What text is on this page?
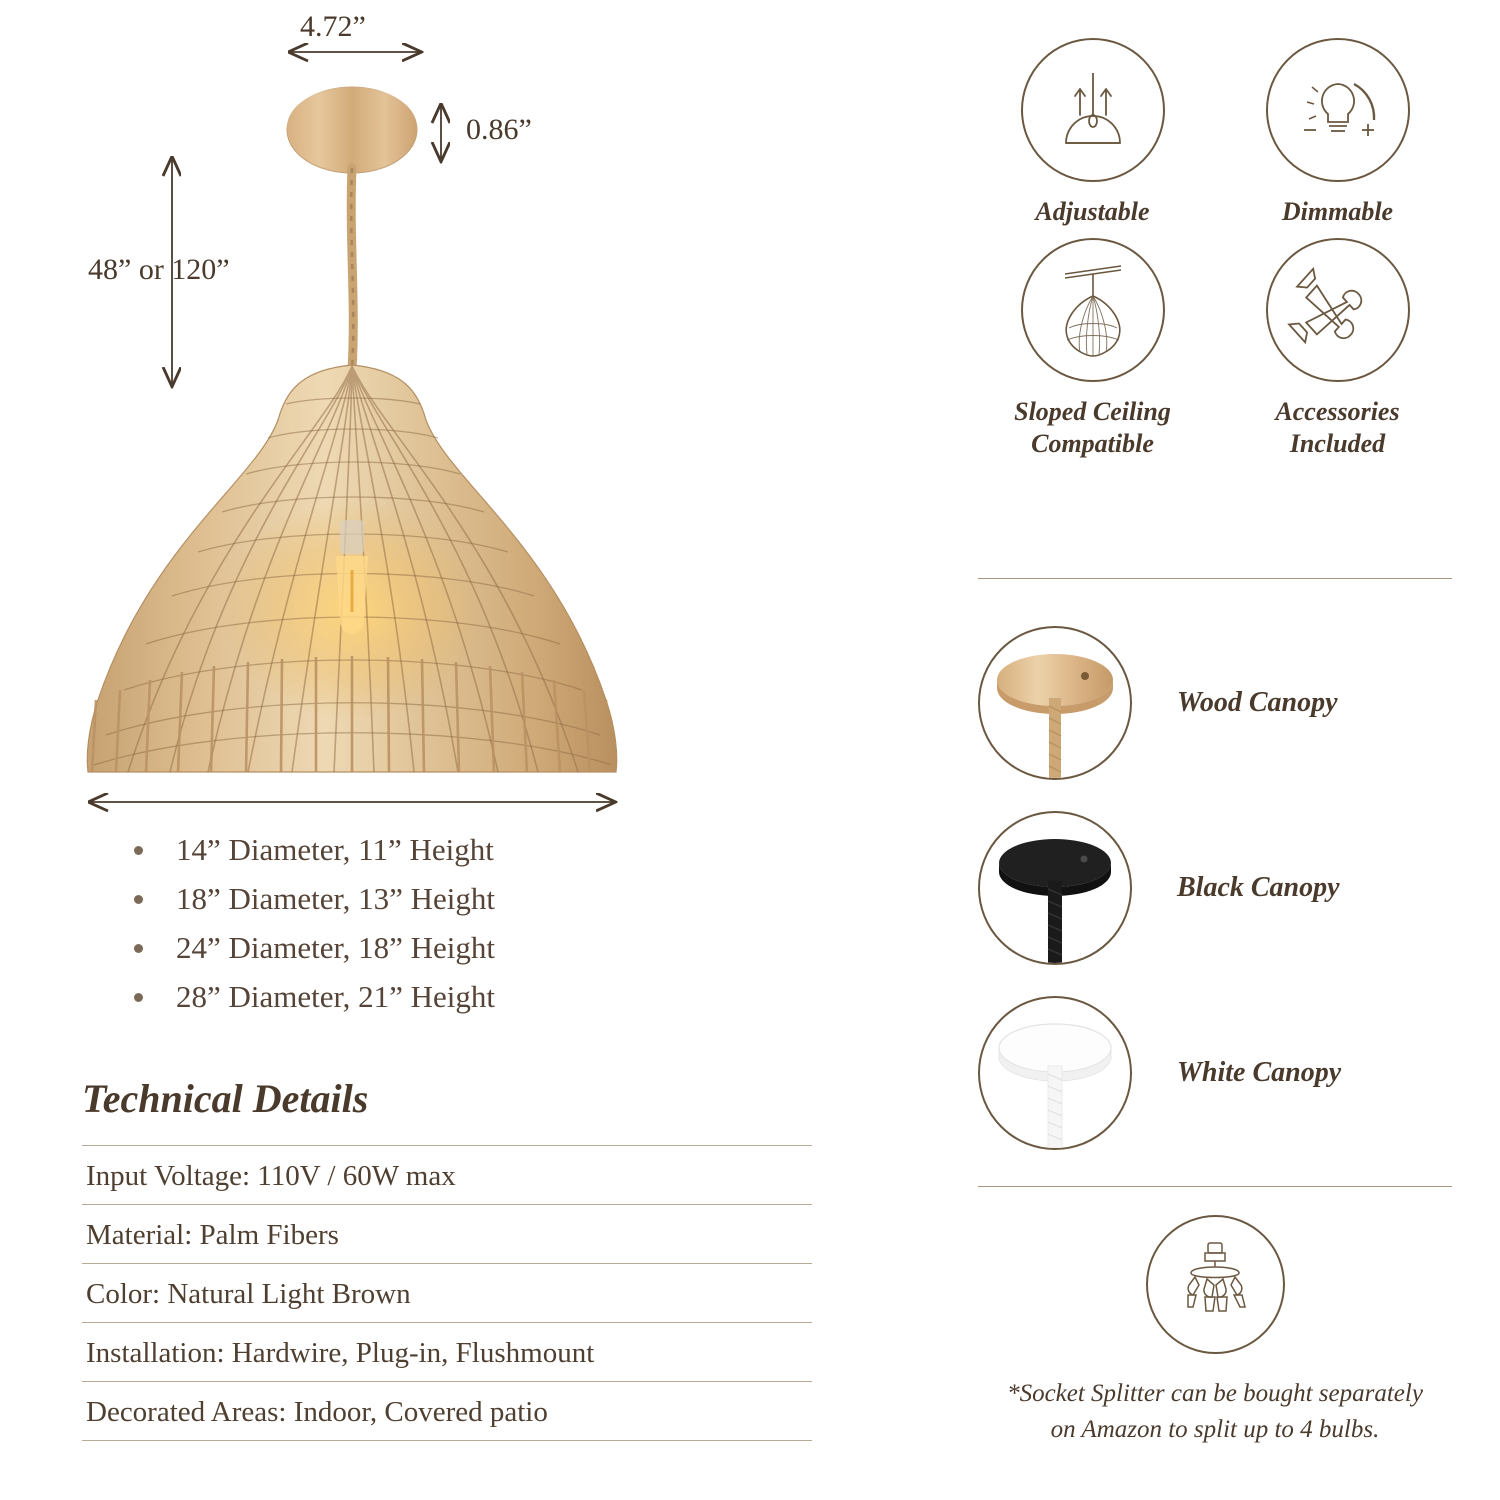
4.72”
0.86”
48” or 120”
14” Diameter, 11” Height
18” Diameter, 13” Height
24” Diameter, 18” Height
28” Diameter, 21” Height
Technical Details
Input Voltage: 110V / 60W max
Material: Palm Fibers
Color: Natural Light Brown
Installation: Hardwire, Plug-in, Flushmount
Decorated Areas: Indoor, Covered patio
Adjustable	Dimmable
Sloped Ceiling
Compatible
Accessories
Included
Wood Canopy
Black Canopy
White Canopy
*Socket Splitter can be bought separately
on Amazon to split up to 4 bulbs.
